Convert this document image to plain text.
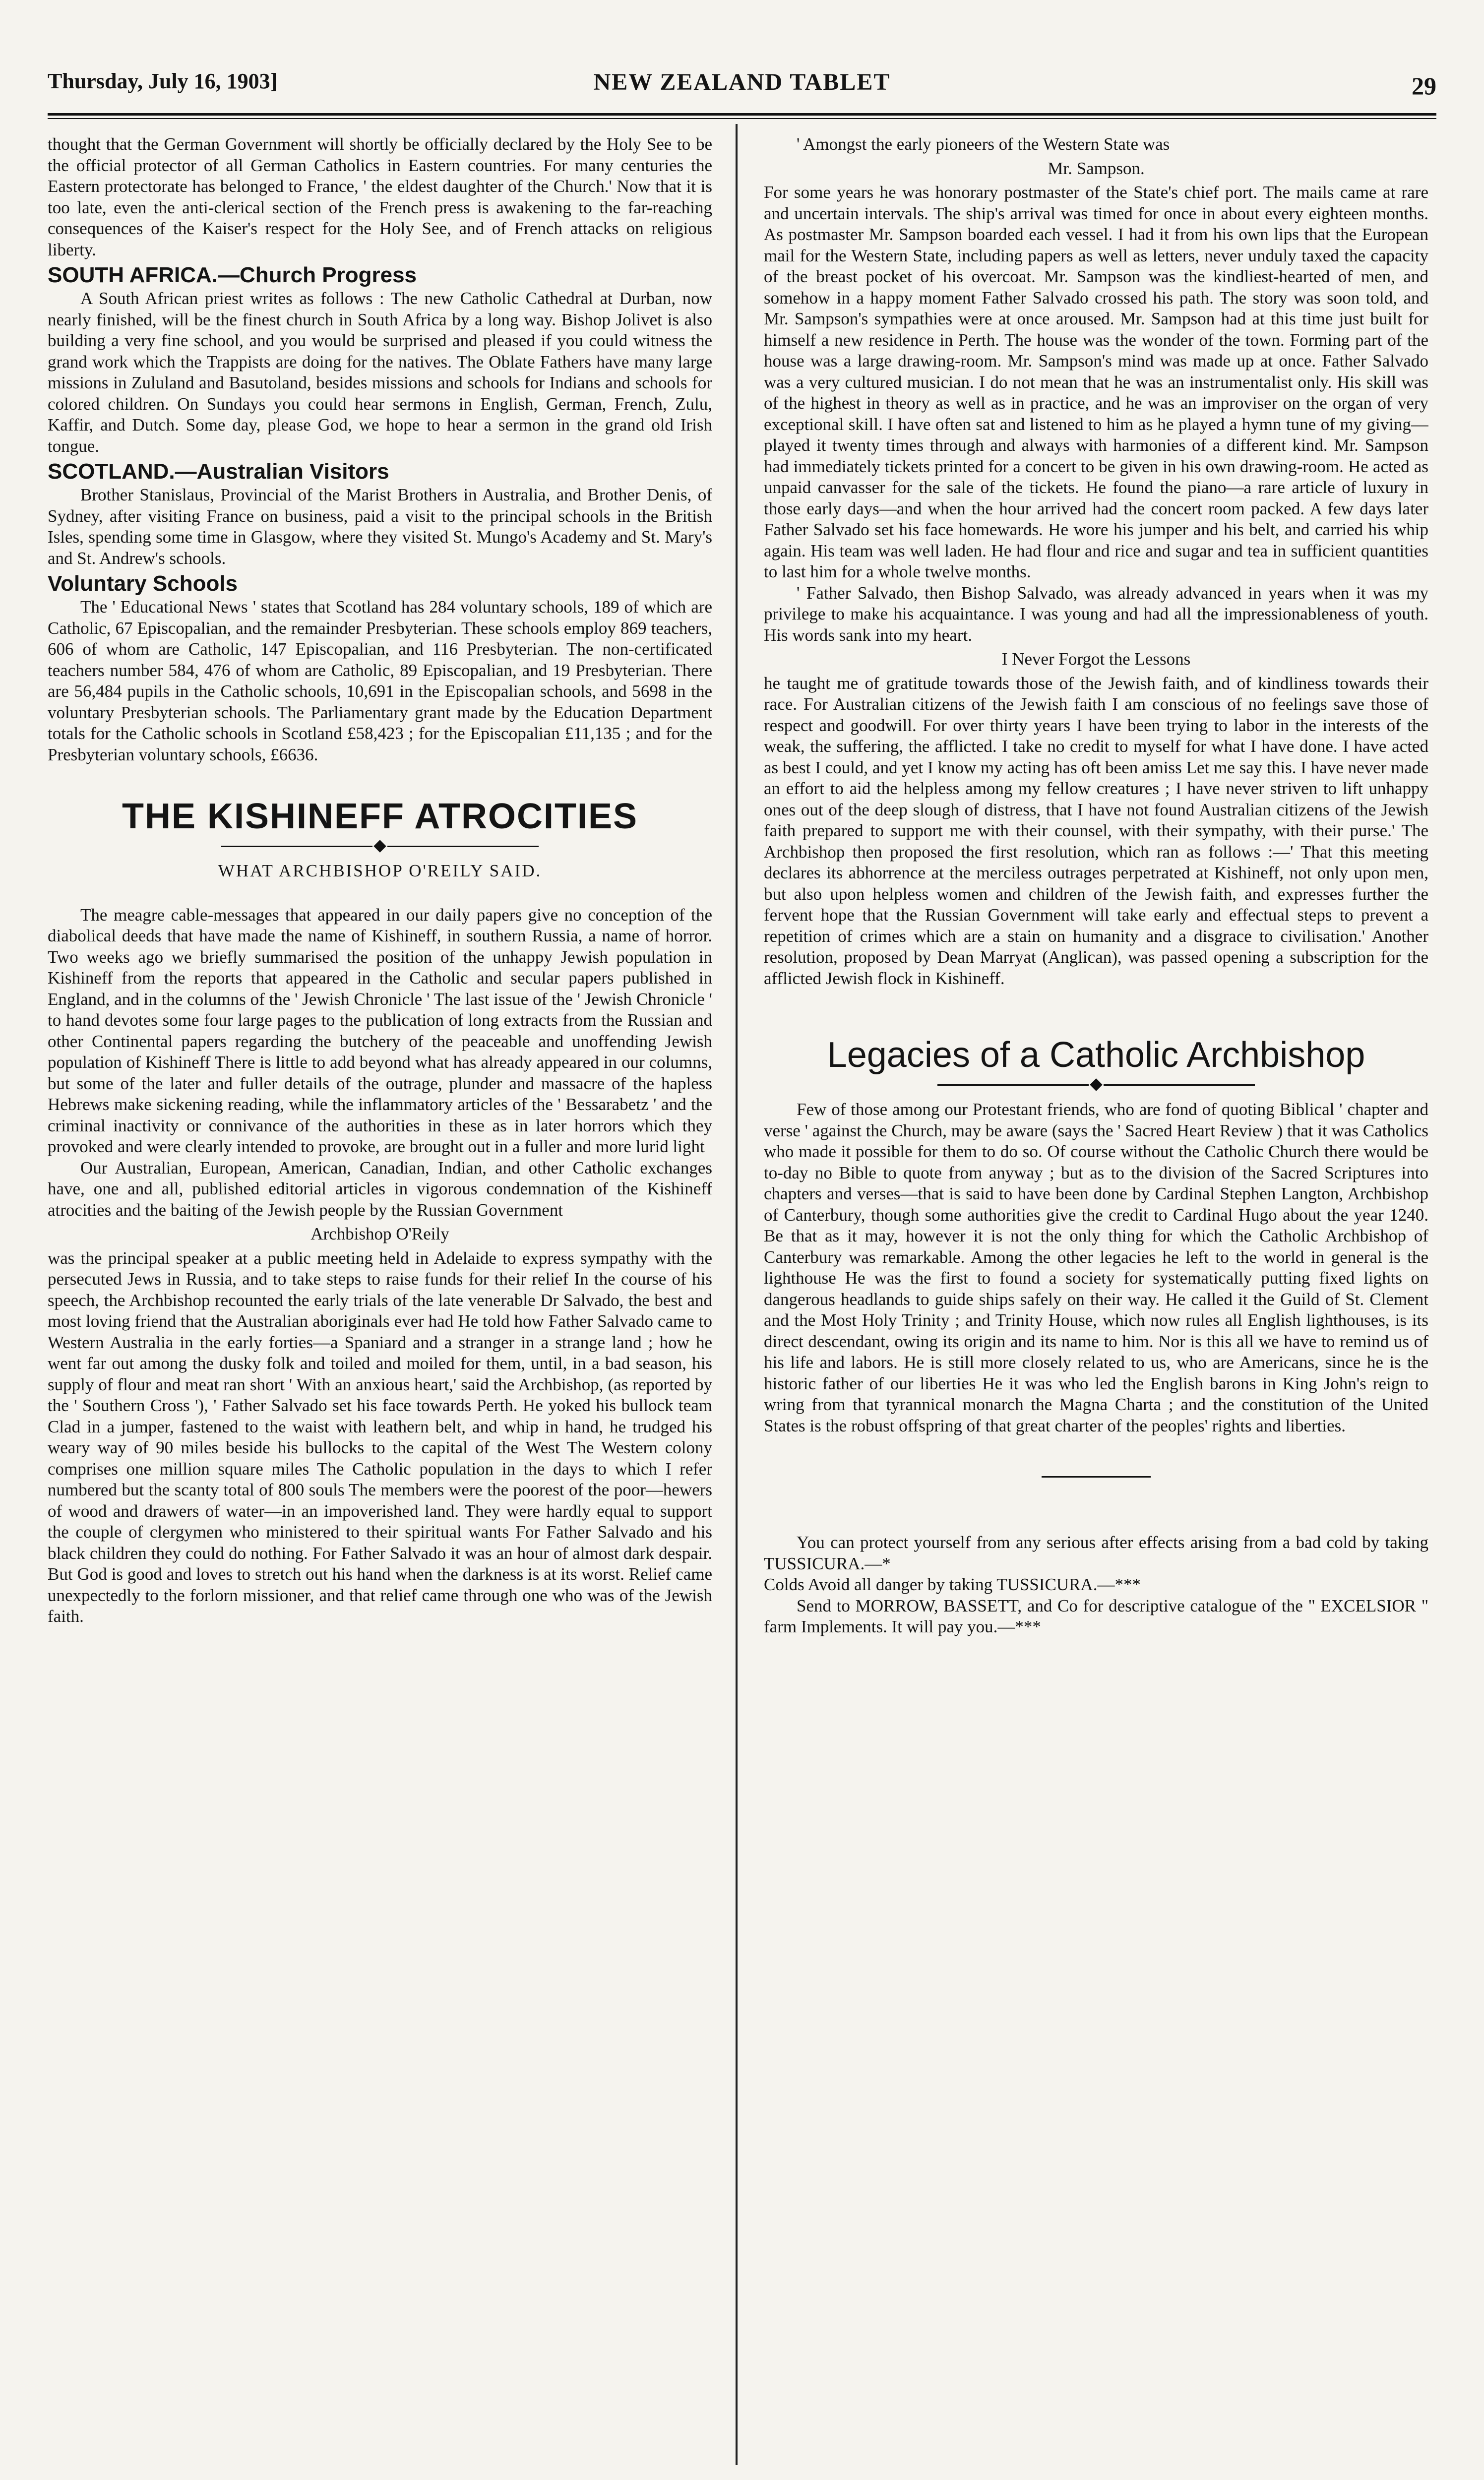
Thursday, July 16, 1903]	NEW ZEALAND TABLET	29

thought that the German Government will shortly be officially declared by the Holy See to be the official protector of all German Catholics in Eastern countries. For many centuries the Eastern protectorate has belonged to France, ' the eldest daughter of the Church.' Now that it is too late, even the anti-clerical section of the French press is awakening to the far-reaching consequences of the Kaiser's respect for the Holy See, and of French attacks on religious liberty.

SOUTH AFRICA.—Church Progress

A South African priest writes as follows : The new Catholic Cathedral at Durban, now nearly finished, will be the finest church in South Africa by a long way. Bishop Jolivet is also building a very fine school, and you would be surprised and pleased if you could witness the grand work which the Trappists are doing for the natives. The Oblate Fathers have many large missions in Zululand and Basutoland, besides missions and schools for Indians and schools for colored children. On Sundays you could hear sermons in English, German, French, Zulu, Kaffir, and Dutch. Some day, please God, we hope to hear a sermon in the grand old Irish tongue.

SCOTLAND.—Australian Visitors

Brother Stanislaus, Provincial of the Marist Brothers in Australia, and Brother Denis, of Sydney, after visiting France on business, paid a visit to the principal schools in the British Isles, spending some time in Glasgow, where they visited St. Mungo's Academy and St. Mary's and St. Andrew's schools.

Voluntary Schools

The ' Educational News ' states that Scotland has 284 voluntary schools, 189 of which are Catholic, 67 Episcopalian, and the remainder Presbyterian. These schools employ 869 teachers, 606 of whom are Catholic, 147 Episcopalian, and 116 Presbyterian. The non-certificated teachers number 584, 476 of whom are Catholic, 89 Episcopalian, and 19 Presbyterian. There are 56,484 pupils in the Catholic schools, 10,691 in the Episcopalian schools, and 5698 in the voluntary Presbyterian schools. The Parliamentary grant made by the Education Department totals for the Catholic schools in Scotland £58,423 ; for the Episcopalian £11,135 ; and for the Presbyterian voluntary schools, £6636.

THE KISHINEFF ATROCITIES
WHAT ARCHBISHOP O'REILY SAID.

The meagre cable-messages that appeared in our daily papers give no conception of the diabolical deeds that have made the name of Kishineff, in southern Russia, a name of horror. Two weeks ago we briefly summarised the position of the unhappy Jewish population in Kishineff from the reports that appeared in the Catholic and secular papers published in England, and in the columns of the ' Jewish Chronicle ' The last issue of the ' Jewish Chronicle ' to hand devotes some four large pages to the publication of long extracts from the Russian and other Continental papers regarding the butchery of the peaceable and unoffending Jewish population of Kishineff There is little to add beyond what has already appeared in our columns, but some of the later and fuller details of the outrage, plunder and massacre of the hapless Hebrews make sickening reading, while the inflammatory articles of the ' Bessarabetz ' and the criminal inactivity or connivance of the authorities in these as in later horrors which they provoked and were clearly intended to provoke, are brought out in a fuller and more lurid light

Our Australian, European, American, Canadian, Indian, and other Catholic exchanges have, one and all, published editorial articles in vigorous condemnation of the Kishineff atrocities and the baiting of the Jewish people by the Russian Government

Archbishop O'Reily

was the principal speaker at a public meeting held in Adelaide to express sympathy with the persecuted Jews in Russia, and to take steps to raise funds for their relief In the course of his speech, the Archbishop recounted the early trials of the late venerable Dr Salvado, the best and most loving friend that the Australian aboriginals ever had He told how Father Salvado came to Western Australia in the early forties—a Spaniard and a stranger in a strange land ; how he went far out among the dusky folk and toiled and moiled for them, until, in a bad season, his supply of flour and meat ran short ' With an anxious heart,' said the Archbishop, (as reported by the ' Southern Cross '), ' Father Salvado set his face towards Perth. He yoked his bullock team Clad in a jumper, fastened to the waist with leathern belt, and whip in hand, he trudged his weary way of 90 miles beside his bullocks to the capital of the West The Western colony comprises one million square miles The Catholic population in the days to which I refer numbered but the scanty total of 800 souls The members were the poorest of the poor—hewers of wood and drawers of water—in an impoverished land. They were hardly equal to support the couple of clergymen who ministered to their spiritual wants For Father Salvado and his black children they could do nothing. For Father Salvado it was an hour of almost dark despair. But God is good and loves to stretch out his hand when the darkness is at its worst. Relief came unexpectedly to the forlorn missioner, and that relief came through one who was of the Jewish faith.

' Amongst the early pioneers of the Western State was

Mr. Sampson.

For some years he was honorary postmaster of the State's chief port. The mails came at rare and uncertain intervals. The ship's arrival was timed for once in about every eighteen months. As postmaster Mr. Sampson boarded each vessel. I had it from his own lips that the European mail for the Western State, including papers as well as letters, never unduly taxed the capacity of the breast pocket of his overcoat. Mr. Sampson was the kindliest-hearted of men, and somehow in a happy moment Father Salvado crossed his path. The story was soon told, and Mr. Sampson's sympathies were at once aroused. Mr. Sampson had at this time just built for himself a new residence in Perth. The house was the wonder of the town. Forming part of the house was a large drawing-room. Mr. Sampson's mind was made up at once. Father Salvado was a very cultured musician. I do not mean that he was an instrumentalist only. His skill was of the highest in theory as well as in practice, and he was an improviser on the organ of very exceptional skill. I have often sat and listened to him as he played a hymn tune of my giving—played it twenty times through and always with harmonies of a different kind. Mr. Sampson had immediately tickets printed for a concert to be given in his own drawing-room. He acted as unpaid canvasser for the sale of the tickets. He found the piano—a rare article of luxury in those early days—and when the hour arrived had the concert room packed. A few days later Father Salvado set his face homewards. He wore his jumper and his belt, and carried his whip again. His team was well laden. He had flour and rice and sugar and tea in sufficient quantities to last him for a whole twelve months.

' Father Salvado, then Bishop Salvado, was already advanced in years when it was my privilege to make his acquaintance. I was young and had all the impressionableness of youth. His words sank into my heart.

I Never Forgot the Lessons

he taught me of gratitude towards those of the Jewish faith, and of kindliness towards their race. For Australian citizens of the Jewish faith I am conscious of no feelings save those of respect and goodwill. For over thirty years I have been trying to labor in the interests of the weak, the suffering, the afflicted. I take no credit to myself for what I have done. I have acted as best I could, and yet I know my acting has oft been amiss Let me say this. I have never made an effort to aid the helpless among my fellow creatures ; I have never striven to lift unhappy ones out of the deep slough of distress, that I have not found Australian citizens of the Jewish faith prepared to support me with their counsel, with their sympathy, with their purse.' The Archbishop then proposed the first resolution, which ran as follows :—' That this meeting declares its abhorrence at the merciless outrages perpetrated at Kishineff, not only upon men, but also upon helpless women and children of the Jewish faith, and expresses further the fervent hope that the Russian Government will take early and effectual steps to prevent a repetition of crimes which are a stain on humanity and a disgrace to civilisation.' Another resolution, proposed by Dean Marryat (Anglican), was passed opening a subscription for the afflicted Jewish flock in Kishineff.

Legacies of a Catholic Archbishop

Few of those among our Protestant friends, who are fond of quoting Biblical ' chapter and verse ' against the Church, may be aware (says the ' Sacred Heart Review ) that it was Catholics who made it possible for them to do so. Of course without the Catholic Church there would be to-day no Bible to quote from anyway ; but as to the division of the Sacred Scriptures into chapters and verses—that is said to have been done by Cardinal Stephen Langton, Archbishop of Canterbury, though some authorities give the credit to Cardinal Hugo about the year 1240. Be that as it may, however it is not the only thing for which the Catholic Archbishop of Canterbury was remarkable. Among the other legacies he left to the world in general is the lighthouse He was the first to found a society for systematically putting fixed lights on dangerous headlands to guide ships safely on their way. He called it the Guild of St. Clement and the Most Holy Trinity ; and Trinity House, which now rules all English lighthouses, is its direct descendant, owing its origin and its name to him. Nor is this all we have to remind us of his life and labors. He is still more closely related to us, who are Americans, since he is the historic father of our liberties He it was who led the English barons in King John's reign to wring from that tyrannical monarch the Magna Charta ; and the constitution of the United States is the robust offspring of that great charter of the peoples' rights and liberties.

You can protect yourself from any serious after effects arising from a bad cold by taking TUSSICURA.—*

Colds Avoid all danger by taking TUSSICURA.—***

Send to MORROW, BASSETT, and Co for descriptive catalogue of the " EXCELSIOR " farm Implements. It will pay you.—***
